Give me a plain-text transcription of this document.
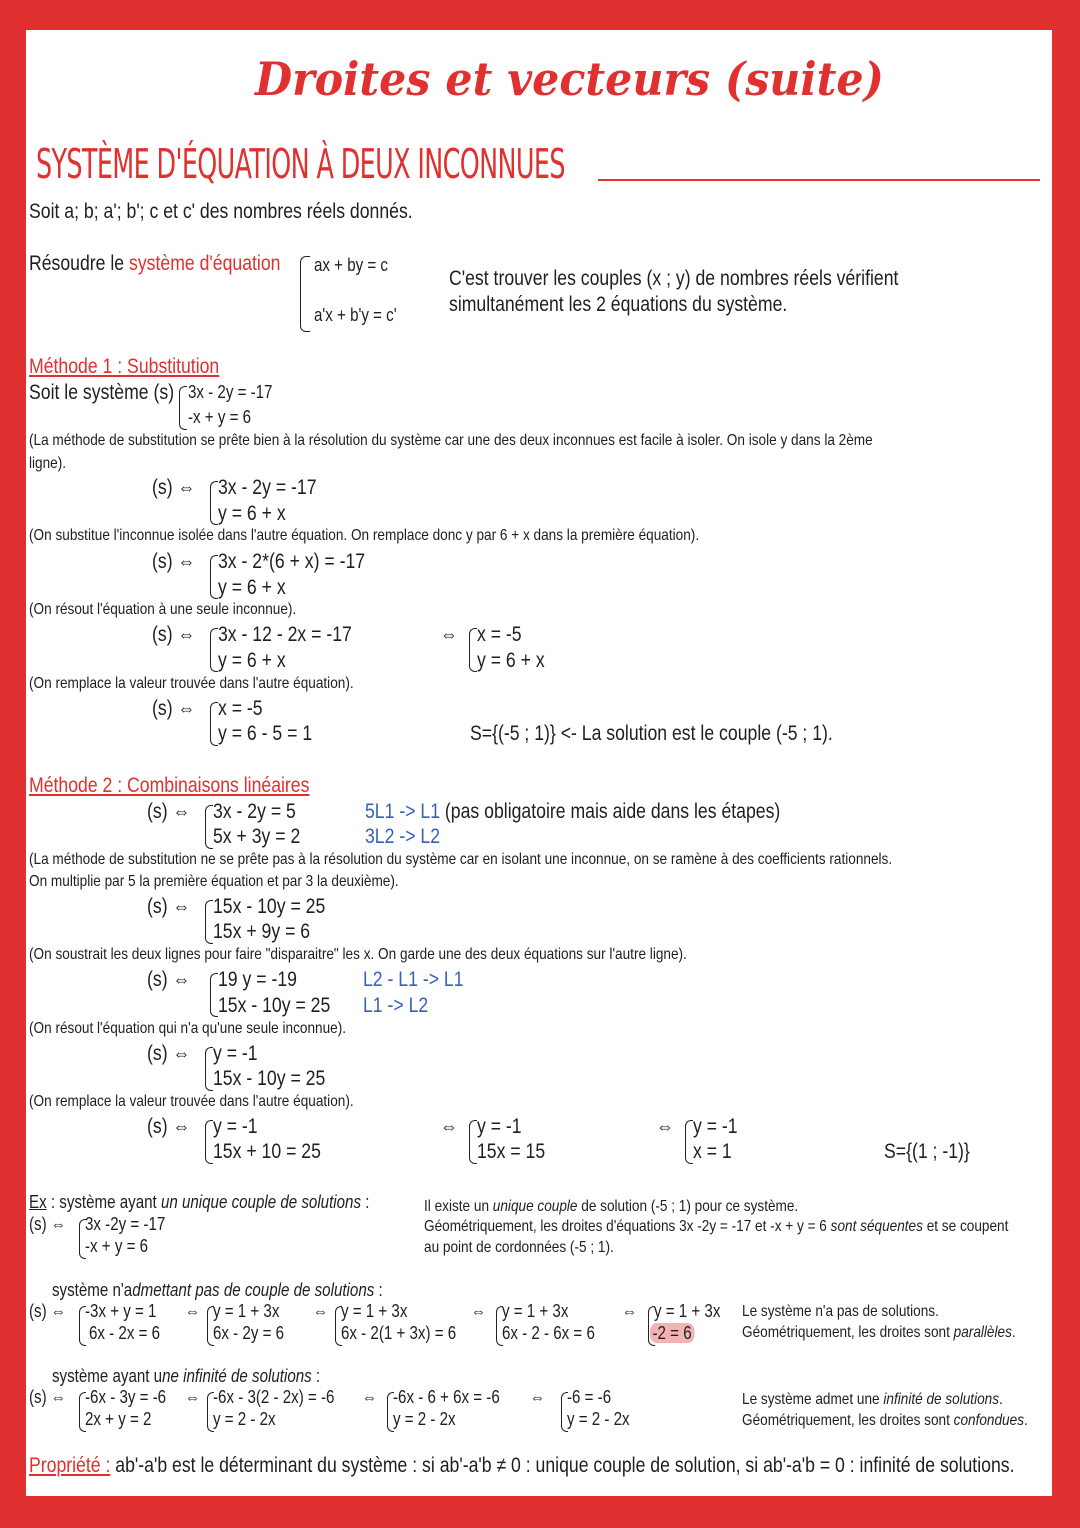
Droites et vecteurs (suite)
SYSTÈME D'ÉQUATION À DEUX INCONNUES
Soit a; b; a'; b'; c et c' des nombres réels donnés.
Résoudre le système d'équation ax + by = c
a'x + b'y = c'
C'est trouver les couples (x ; y) de nombres réels vérifient
simultanément les 2 équations du système.
Méthode 1 : Substitution
Soit le système (s) 3x - 2y = -17
-x + y = 6
(La méthode de substitution se prête bien à la résolution du système car une des deux inconnues est facile à isoler. On isole y dans la 2ème
ligne).
(s) ⇔ 3x - 2y = -17
y = 6 + x
(On substitue l'inconnue isolée dans l'autre équation. On remplace donc y par 6 + x dans la première équation).
(s) ⇔ 3x - 2*(6 + x) = -17
y = 6 + x
(On résout l'équation à une seule inconnue).
(s) ⇔ 3x - 12 - 2x = -17
y = 6 + x
⇔ x = -5
y = 6 + x
(On remplace la valeur trouvée dans l'autre équation).
(s) ⇔ x = -5
y = 6 - 5 = 1	S={(-5 ; 1)} <- La solution est le couple (-5 ; 1).
Méthode 2 : Combinaisons linéaires
(s) ⇔ 3x - 2y = 5
5x + 3y = 2
5L1 -> L1 (pas obligatoire mais aide dans les étapes)
3L2 -> L2
(La méthode de substitution ne se prête pas à la résolution du système car en isolant une inconnue, on se ramène à des coefficients rationnels.
On multiplie par 5 la première équation et par 3 la deuxième).
(s) ⇔ 15x - 10y = 25
15x + 9y = 6
(On soustrait les deux lignes pour faire "disparaitre" les x. On garde une des deux équations sur l'autre ligne).
(s) ⇔ 19 y = -19
15x - 10y = 25
L2 - L1 -> L1
L1 -> L2
(On résout l'équation qui n'a qu'une seule inconnue).
(s) ⇔ y = -1
15x - 10y = 25
(On remplace la valeur trouvée dans l'autre équation).
(s) ⇔ y = -1
15x + 10 = 25
⇔ y = -1
15x = 15
⇔ y = -1
x = 1	S={(1 ; -1)}
Ex : système ayant un unique couple de solutions :
(s) ⇔ 3x -2y = -17
-x + y = 6
Il existe un unique couple de solution (-5 ; 1) pour ce système.
Géométriquement, les droites d'équations 3x -2y = -17 et -x + y = 6 sont séquentes et se coupent
au point de cordonnées (-5 ; 1).
système n'admettant pas de couple de solutions :
(s) ⇔ -3x + y = 1
6x - 2x = 6
⇔ y = 1 + 3x
6x - 2y = 6
⇔ y = 1 + 3x
6x - 2(1 + 3x) = 6
⇔ y = 1 + 3x
6x - 2 - 6x = 6
⇔ y = 1 + 3x
-2 = 6
Le système n'a pas de solutions.
Géométriquement, les droites sont parallèles.
système ayant une infinité de solutions :
(s) ⇔ -6x - 3y = -6
2x + y = 2
⇔ -6x - 3(2 - 2x) = -6
y = 2 - 2x
⇔ -6x - 6 + 6x = -6
y = 2 - 2x
⇔ -6 = -6
y = 2 - 2x
Le système admet une infinité de solutions.
Géométriquement, les droites sont confondues.
Propriété : ab'-a'b est le déterminant du système : si ab'-a'b ≠ 0 : unique couple de solution, si ab'-a'b = 0 : infinité de solutions.
